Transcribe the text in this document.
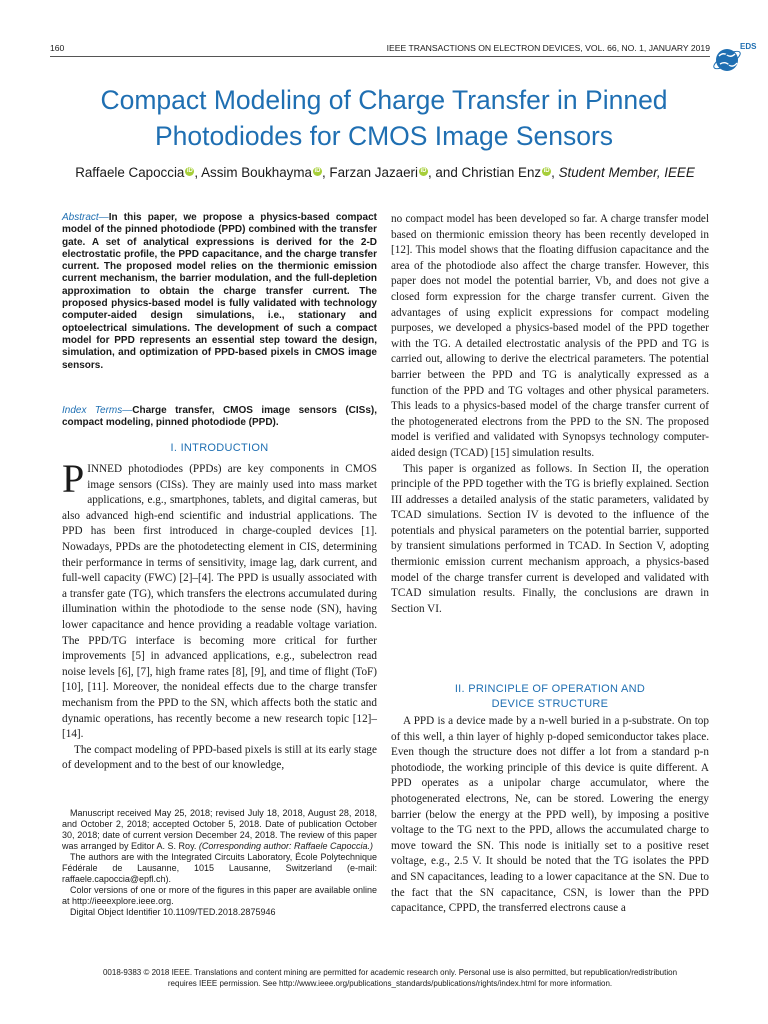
160	IEEE TRANSACTIONS ON ELECTRON DEVICES, VOL. 66, NO. 1, JANUARY 2019	EDS
Compact Modeling of Charge Transfer in Pinned
Photodiodes for CMOS Image Sensors
Raffaele Capoccia iD , Assim Boukhayma iD , Farzan Jazaeri iD , and Christian Enz iD , Student Member, IEEE
Abstract—In this paper, we propose a physics-based compact model of the pinned photodiode (PPD) combined with the transfer gate. A set of analytical expressions is derived for the 2-D electrostatic profile, the PPD capacitance, and the charge transfer current. The proposed model relies on the thermionic emission current mechanism, the barrier modulation, and the full-depletion approximation to obtain the charge transfer current. The proposed physics-based model is fully validated with technology computer-aided design simulations, i.e., stationary and optoelectrical simulations. The development of such a compact model for PPD represents an essential step toward the design, simulation, and optimization of PPD-based pixels in CMOS image sensors.
Index Terms—Charge transfer, CMOS image sensors (CISs), compact modeling, pinned photodiode (PPD).
I. INTRODUCTION

PINNED photodiodes (PPDs) are key components in CMOS image sensors (CISs). They are mainly used into mass market applications, e.g., smartphones, tablets, and digital cameras, but also advanced high-end scientific and industrial applications. The PPD has been first introduced in charge-coupled devices [1]. Nowadays, PPDs are the photodetecting element in CIS, determining their performance in terms of sensitivity, image lag, dark current, and full-well capacity (FWC) [2]–[4]. The PPD is usually associated with a transfer gate (TG), which transfers the electrons accumulated during illumination within the photodiode to the sense node (SN), having lower capacitance and hence providing a readable voltage variation. The PPD/TG interface is becoming more critical for further improvements [5] in advanced applications, e.g., subelectron read noise levels [6], [7], high frame rates [8], [9], and time of flight (ToF) [10], [11]. Moreover, the nonideal effects due to the charge transfer mechanism from the PPD to the SN, which affects both the static and dynamic operations, has recently become a new research topic [12]–[14].

The compact modeling of PPD-based pixels is still at its early stage of development and to the best of our knowledge,

Manuscript received May 25, 2018; revised July 18, 2018, August 28, 2018, and October 2, 2018; accepted October 5, 2018. Date of publication October 30, 2018; date of current version December 24, 2018. The review of this paper was arranged by Editor A. S. Roy. (Corresponding author: Raffaele Capoccia.)

The authors are with the Integrated Circuits Laboratory, École Polytechnique Fédérale de Lausanne, 1015 Lausanne, Switzerland (e-mail: raffaele.capoccia@epfl.ch).

Color versions of one or more of the figures in this paper are available online at http://ieeexplore.ieee.org.

Digital Object Identifier 10.1109/TED.2018.2875946

no compact model has been developed so far. A charge transfer model based on thermionic emission theory has been recently developed in [12]. This model shows that the floating diffusion capacitance and the area of the photodiode also affect the charge transfer. However, this paper does not model the potential barrier, Vb, and does not give a closed form expression for the charge transfer current. Given the advantages of using explicit expressions for compact modeling purposes, we developed a physics-based model of the PPD together with the TG. A detailed electrostatic analysis of the PPD and TG is carried out, allowing to derive the electrical parameters. The potential barrier between the PPD and TG is analytically expressed as a function of the PPD and TG voltages and other physical parameters. This leads to a physics-based model of the charge transfer current of the photogenerated electrons from the PPD to the SN. The proposed model is verified and validated with Synopsys technology computer-aided design (TCAD) [15] simulation results.

This paper is organized as follows. In Section II, the operation principle of the PPD together with the TG is briefly explained. Section III addresses a detailed analysis of the static parameters, validated by TCAD simulations. Section IV is devoted to the influence of the potentials and physical parameters on the potential barrier, supported by transient simulations performed in TCAD. In Section V, adopting thermionic emission current mechanism approach, a physics-based model of the charge transfer current is developed and validated with TCAD simulation results. Finally, the conclusions are drawn in Section VI.

II. PRINCIPLE OF OPERATION AND
DEVICE STRUCTURE

A PPD is a device made by a n-well buried in a p-substrate. On top of this well, a thin layer of highly p-doped semiconductor takes place. Even though the structure does not differ a lot from a standard p-n photodiode, the working principle of this device is quite different. A PPD operates as a unipolar charge accumulator, where the photogenerated electrons, Ne, can be stored. Lowering the energy barrier (below the energy at the PPD well), by imposing a positive voltage to the TG next to the PPD, allows the accumulated charge to move toward the SN. This node is initially set to a positive reset voltage, e.g., 2.5 V. It should be noted that the TG isolates the PPD and SN capacitances, leading to a lower capacitance at the SN. Due to the fact that the SN capacitance, CSN, is lower than the PPD capacitance, CPPD, the transferred electrons cause a

0018-9383 © 2018 IEEE. Translations and content mining are permitted for academic research only. Personal use is also permitted, but republication/redistribution
requires IEEE permission. See http://www.ieee.org/publications_standards/publications/rights/index.html for more information.
